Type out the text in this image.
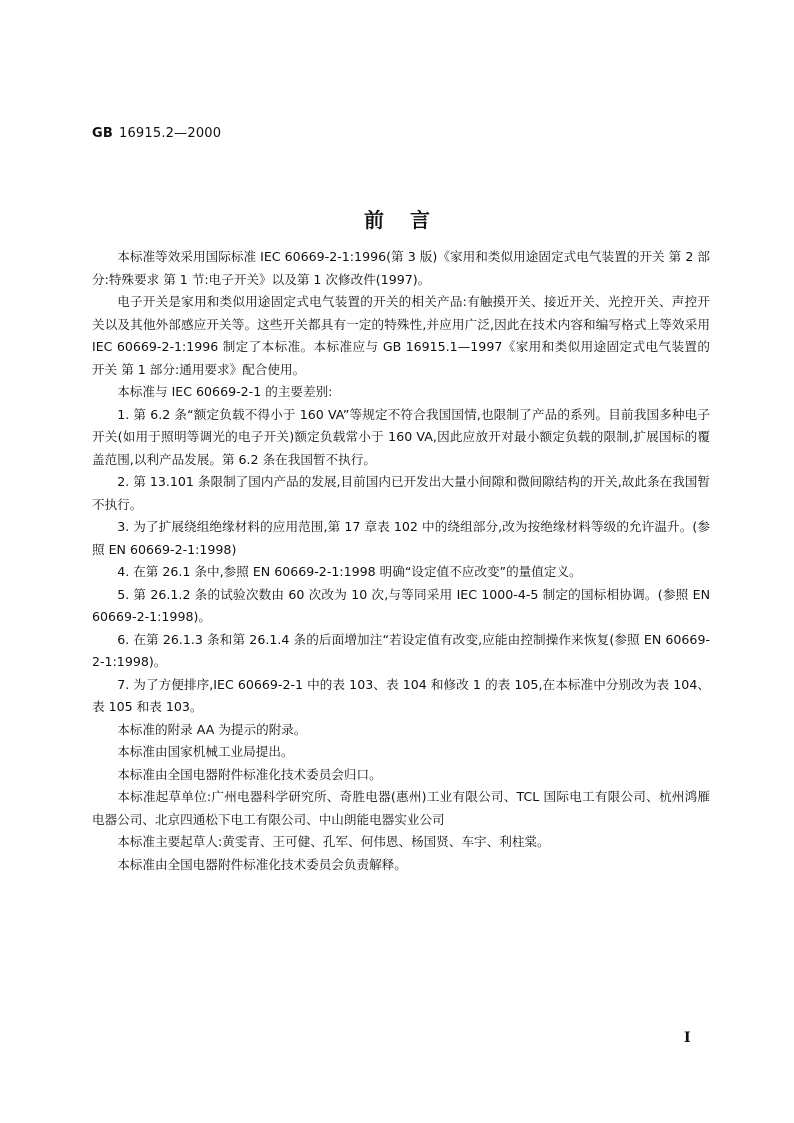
GB 16915.2—2000
前言

本标准等效采用国际标准 IEC 60669-2-1:1996(第 3 版)《家用和类似用途固定式电气装置的开关 第 2 部分:特殊要求 第 1 节:电子开关》以及第 1 次修改件(1997)。

电子开关是家用和类似用途固定式电气装置的开关的相关产品:有触摸开关、接近开关、光控开关、声控开关以及其他外部感应开关等。这些开关都具有一定的特殊性,并应用广泛,因此在技术内容和编写格式上等效采用 IEC 60669-2-1:1996 制定了本标准。本标准应与 GB 16915.1—1997《家用和类似用途固定式电气装置的开关 第 1 部分:通用要求》配合使用。

本标准与 IEC 60669-2-1 的主要差别:

1. 第 6.2 条“额定负载不得小于 160 VA”等规定不符合我国国情,也限制了产品的系列。目前我国多种电子开关(如用于照明等调光的电子开关)额定负载常小于 160 VA,因此应放开对最小额定负载的限制,扩展国标的覆盖范围,以利产品发展。第 6.2 条在我国暂不执行。

2. 第 13.101 条限制了国内产品的发展,目前国内已开发出大量小间隙和微间隙结构的开关,故此条在我国暂不执行。

3. 为了扩展绕组绝缘材料的应用范围,第 17 章表 102 中的绕组部分,改为按绝缘材料等级的允许温升。(参照 EN 60669-2-1:1998)

4. 在第 26.1 条中,参照 EN 60669-2-1:1998 明确“设定值不应改变”的量值定义。

5. 第 26.1.2 条的试验次数由 60 次改为 10 次,与等同采用 IEC 1000-4-5 制定的国标相协调。(参照 EN 60669-2-1:1998)。

6. 在第 26.1.3 条和第 26.1.4 条的后面增加注“若设定值有改变,应能由控制操作来恢复(参照 EN 60669-2-1:1998)。

7. 为了方便排序,IEC 60669-2-1 中的表 103、表 104 和修改 1 的表 105,在本标准中分别改为表 104、表 105 和表 103。

本标准的附录 AA 为提示的附录。

本标准由国家机械工业局提出。

本标准由全国电器附件标准化技术委员会归口。

本标准起草单位:广州电器科学研究所、奇胜电器(惠州)工业有限公司、TCL 国际电工有限公司、杭州鸿雁电器公司、北京四通松下电工有限公司、中山朗能电器实业公司

本标准主要起草人:黄雯青、王可健、孔军、何伟恩、杨国贤、车宇、利柱棠。

本标准由全国电器附件标准化技术委员会负责解释。

I
